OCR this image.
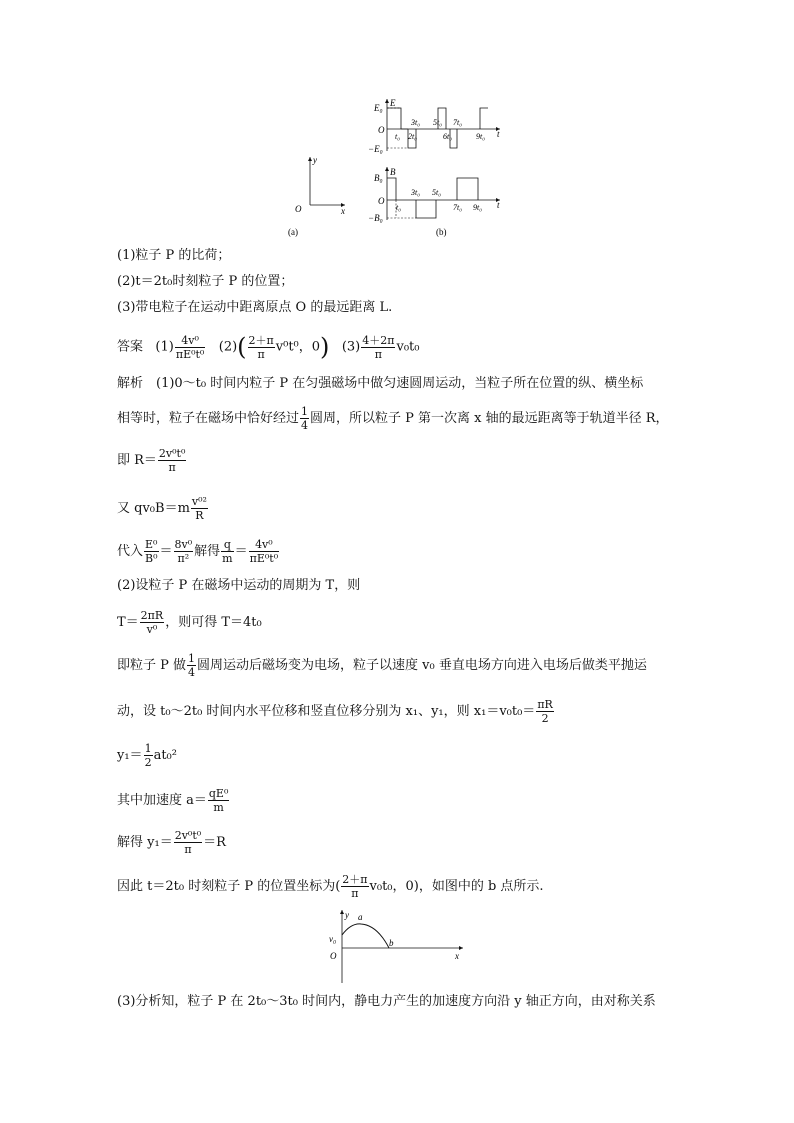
y
x
O
(a)
E
E₀
−E₀
O	t
t₀ 2t₀
3t₀ 5t₀
6t₀
7t₀
9t₀
B
B₀
−B₀
O	t
t₀
3t₀ 5t₀
7t₀ 9t₀
(b)
(1)粒子 P 的比荷；
(2)t＝2t₀时刻粒子 P 的位置；
(3)带电粒子在运动中距离原点 O 的最远距离 L.
答案 $(1) \frac{\text{4v⁰}}{\text{πE⁰t⁰}} (2)( \frac{2+\pi}{\pi} v^0t^0$，0) $(3) \frac{4+2\pi}{\pi} v_0t_0$
解析　(1)0～t₀ 时间内粒子 P 在匀强磁场中做匀速圆周运动，当粒子所在位置的纵、横坐标
相等时，粒子在磁场中恰好经过 $\frac{1}{4}$ 圆周，所以粒子 P 第一次离 x 轴的最远距离等于轨道半径 R，
即 $R= \frac{\text{2v⁰t⁰}}{\pi}$
又 $qv_0B=m \frac{\text{v⁰²}}{R}$
代入 $\frac{\text{E⁰}}{\text{B⁰}} = \frac{\text{8v⁰}}{\text{π²}}$ 解得 $\frac{q}{m} = \frac{\text{4v⁰}}{\text{πE⁰t⁰}}$
(2)设粒子 P 在磁场中运动的周期为 T，则
$T= \frac{2\pi R}{\text{v⁰}}$ ，则可得 T＝4t₀
即粒子 P 做 $\frac{1}{4}$ 圆周运动后磁场变为电场，粒子以速度 v₀ 垂直电场方向进入电场后做类平抛运
动，设 t₀～2t₀ 时间内水平位移和竖直位移分别为 x₁、y₁，则 $x_1=v_0t_0= \frac{\pi R}{2}$
$y_1= \frac{1}{2} at_0^2$
其中加速度 $a= \frac{\text{qE⁰}}{m}$
解得 $y_1= \frac{\text{2v⁰t⁰}}{\pi} =R$
因此 t＝2t₀ 时刻粒子 P 的位置坐标为( $\frac{2+\pi}{\pi} v_0t_0$，0)，如图中的 b 点所示.
y
x
a
b
v₀
O
(3)分析知，粒子 P 在 2t₀～3t₀ 时间内，静电力产生的加速度方向沿 y 轴正方向，由对称关系
